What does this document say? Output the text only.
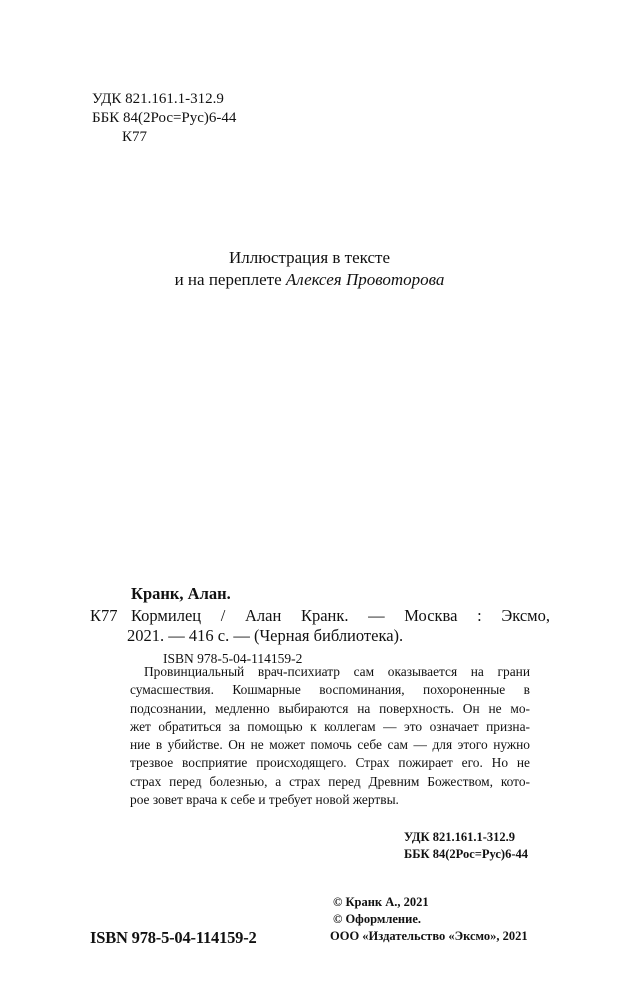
УДК 821.161.1-312.9
ББК 84(2Рос=Рус)6-44
К77
Иллюстрация в тексте
и на переплете Алексея Провоторова
Кранк, Алан.
К77 Кормилец / Алан Кранк. — Москва : Эксмо,
2021. — 416 с. — (Черная библиотека).
ISBN 978-5-04-114159-2
Провинциальный врач-психиатр сам оказывается на грани
сумасшествия. Кошмарные воспоминания, похороненные в
подсознании, медленно выбираются на поверхность. Он не мо-
жет обратиться за помощью к коллегам — это означает призна-
ние в убийстве. Он не может помочь себе сам — для этого нужно
трезвое восприятие происходящего. Страх пожирает его. Но не
страх перед болезнью, а страх перед Древним Божеством, кото-
рое зовет врача к себе и требует новой жертвы.
УДК 821.161.1-312.9
ББК 84(2Рос=Рус)6-44
© Кранк А., 2021
© Оформление.
ООО «Издательство «Эксмо», 2021
ISBN 978-5-04-114159-2
